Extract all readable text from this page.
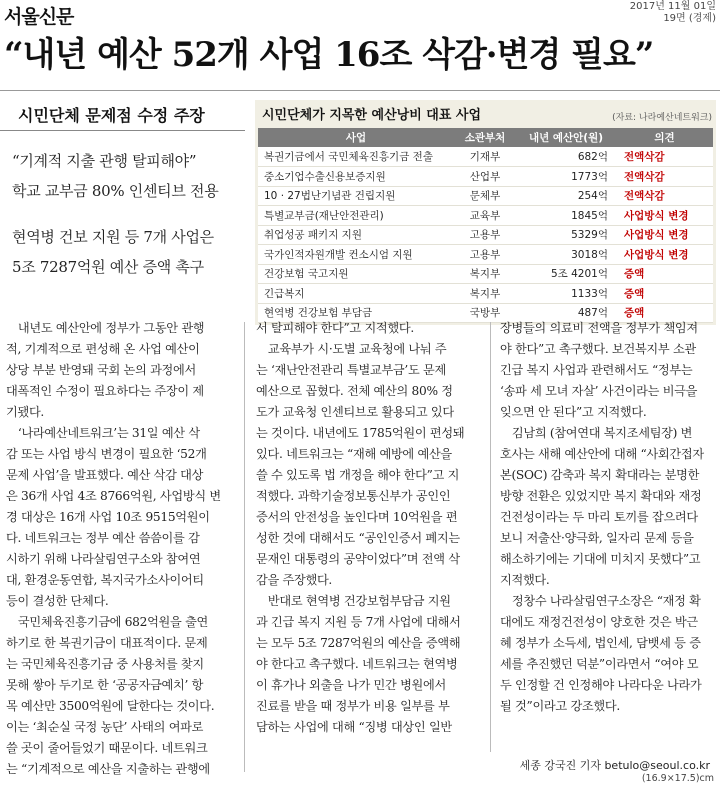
서울신문	2017년 11월 01일
19면 (경제)
“내년 예산 52개 사업 16조 삭감·변경 필요”
시민단체 문제점 수정 주장
“기계적 지출 관행 탈피해야”
학교 교부금 80% 인센티브 전용
현역병 건보 지원 등 7개 사업은
5조 7287억원 예산 증액 촉구
시민단체가 지목한 예산낭비 대표 사업	(자료: 나라예산네트워크)
사업	소관부처	내년 예산안(원)	의견
복권기금에서 국민체육진흥기금 전출	기재부	682억	전액삭감
중소기업수출신용보증지원	산업부	1773억	전액삭감
10 · 27법난기념관 건립지원	문체부	254억	전액삭감
특별교부금(재난안전관리)	교육부	1845억	사업방식 변경
취업성공 패키지 지원	고용부	5329억	사업방식 변경
국가인적자원개발 컨소시엄 지원	고용부	3018억	사업방식 변경
건강보험 국고지원	복지부	5조 4201억	증액
긴급복지	복지부	1133억	증액
현역병 건강보험 부담금	국방부	487억	증액
　내년도 예산안에 정부가 그동안 관행
적, 기계적으로 편성해 온 사업 예산이
상당 부분 반영돼 국회 논의 과정에서
대폭적인 수정이 필요하다는 주장이 제
기됐다.
　‘나라예산네트워크’는 31일 예산 삭
감 또는 사업 방식 변경이 필요한 ‘52개
문제 사업’을 발표했다. 예산 삭감 대상
은 36개 사업 4조 8766억원, 사업방식 변
경 대상은 16개 사업 10조 9515억원이
다. 네트워크는 정부 예산 씀씀이를 감
시하기 위해 나라살림연구소와 참여연
대, 환경운동연합, 복지국가소사이어티
등이 결성한 단체다.
　국민체육진흥기금에 682억원을 출연
하기로 한 복권기금이 대표적이다. 문제
는 국민체육진흥기금 중 사용처를 찾지
못해 쌓아 두기로 한 ‘공공자금예치’ 항
목 예산만 3500억원에 달한다는 것이다.
이는 ‘최순실 국정 농단’ 사태의 여파로
쓸 곳이 줄어들었기 때문이다. 네트워크
는 “기계적으로 예산을 지출하는 관행에
서 탈피해야 한다”고 지적했다.
　교육부가 시·도별 교육청에 나눠 주
는 ‘재난안전관리 특별교부금’도 문제
예산으로 꼽혔다. 전체 예산의 80% 정
도가 교육청 인센티브로 활용되고 있다
는 것이다. 내년에도 1785억원이 편성돼
있다. 네트워크는 “재해 예방에 예산을
쓸 수 있도록 법 개정을 해야 한다”고 지
적했다. 과학기술정보통신부가 공인인
증서의 안전성을 높인다며 10억원을 편
성한 것에 대해서도 “공인인증서 폐지는
문재인 대통령의 공약이었다”며 전액 삭
감을 주장했다.
　반대로 현역병 건강보험부담금 지원
과 긴급 복지 지원 등 7개 사업에 대해서
는 모두 5조 7287억원의 예산을 증액해
야 한다고 촉구했다. 네트워크는 현역병
이 휴가나 외출을 나가 민간 병원에서
진료를 받을 때 정부가 비용 일부를 부
담하는 사업에 대해 “징병 대상인 일반
장병들의 의료비 전액을 정부가 책임져
야 한다”고 촉구했다. 보건복지부 소관
긴급 복지 사업과 관련해서도 “정부는
‘송파 세 모녀 자살’ 사건이라는 비극을
잊으면 안 된다”고 지적했다.
　김남희 (참여연대 복지조세팀장) 변
호사는 새해 예산안에 대해 “사회간접자
본(SOC) 감축과 복지 확대라는 분명한
방향 전환은 있었지만 복지 확대와 재정
건전성이라는 두 마리 토끼를 잡으려다
보니 저출산·양극화, 일자리 문제 등을
해소하기에는 기대에 미치지 못했다”고
지적했다.
　정창수 나라살림연구소장은 “재정 확
대에도 재정건전성이 양호한 것은 박근
혜 정부가 소득세, 법인세, 담뱃세 등 증
세를 추진했던 덕분”이라면서 “여야 모
두 인정할 건 인정해야 나라다운 나라가
될 것”이라고 강조했다.
세종 강국진 기자 betulo@seoul.co.kr
(16.9×17.5)cm
